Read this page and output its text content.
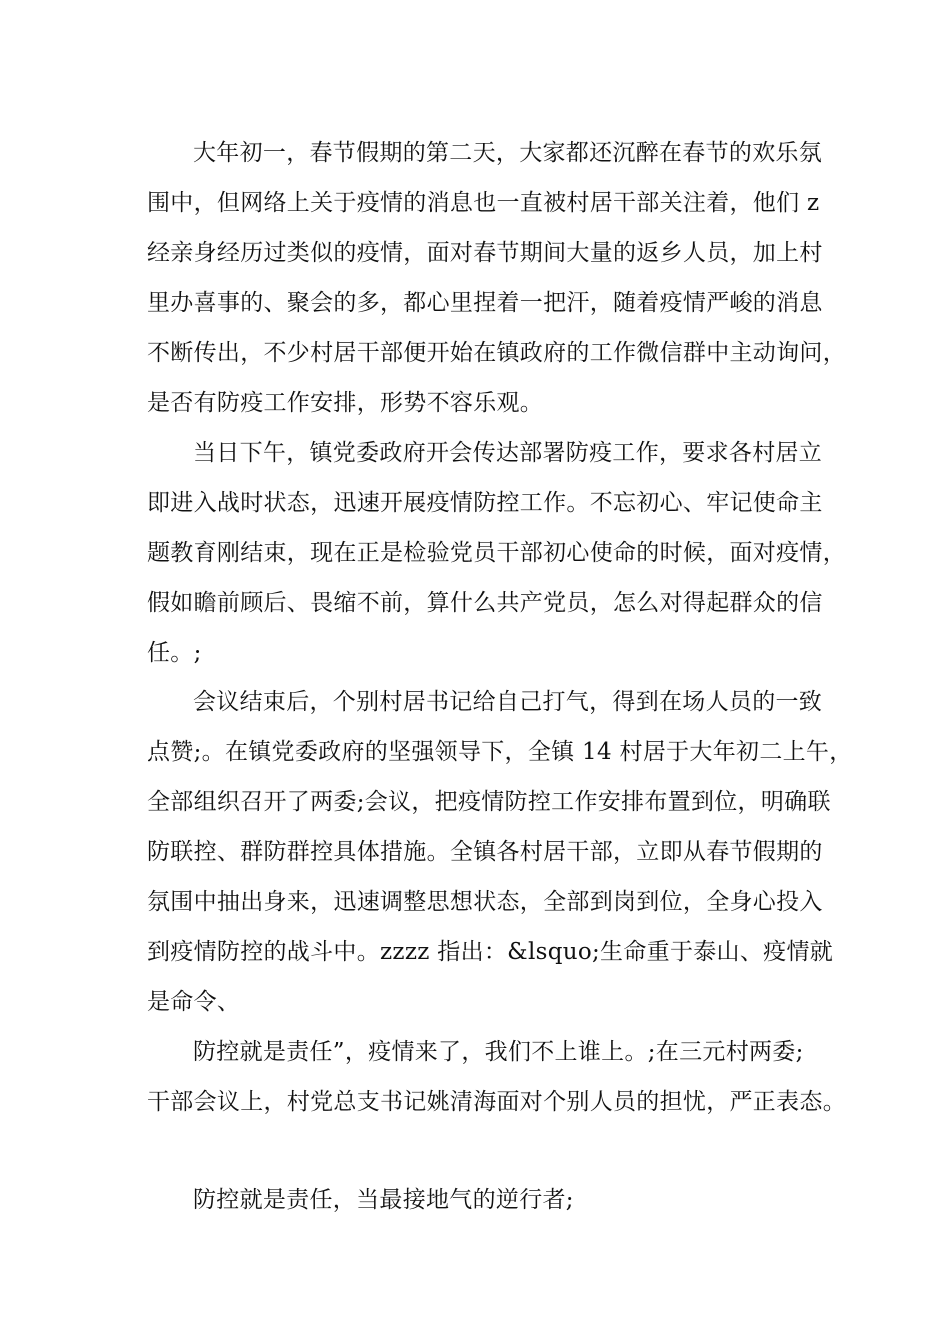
大年初一，春节假期的第二天，大家都还沉醉在春节的欢乐氛
围中，但网络上关于疫情的消息也一直被村居干部关注着，他们 z
经亲身经历过类似的疫情，面对春节期间大量的返乡人员，加上村
里办喜事的、聚会的多，都心里捏着一把汗，随着疫情严峻的消息
不断传出，不少村居干部便开始在镇政府的工作微信群中主动询问，
是否有防疫工作安排，形势不容乐观。
当日下午，镇党委政府开会传达部署防疫工作，要求各村居立
即进入战时状态，迅速开展疫情防控工作。不忘初心、牢记使命主
题教育刚结束，现在正是检验党员干部初心使命的时候，面对疫情，
假如瞻前顾后、畏缩不前，算什么共产党员，怎么对得起群众的信
任。;
会议结束后，个别村居书记给自己打气，得到在场人员的一致
点赞;。在镇党委政府的坚强领导下，全镇 14 村居于大年初二上午，
全部组织召开了两委;会议，把疫情防控工作安排布置到位，明确联
防联控、群防群控具体措施。全镇各村居干部，立即从春节假期的
氛围中抽出身来，迅速调整思想状态，全部到岗到位，全身心投入
到疫情防控的战斗中。zzzz 指出：&lsquo;生命重于泰山、疫情就
是命令、
防控就是责任”，疫情来了，我们不上谁上。;在三元村两委;
干部会议上，村党总支书记姚清海面对个别人员的担忧，严正表态。
防控就是责任，当最接地气的逆行者;
